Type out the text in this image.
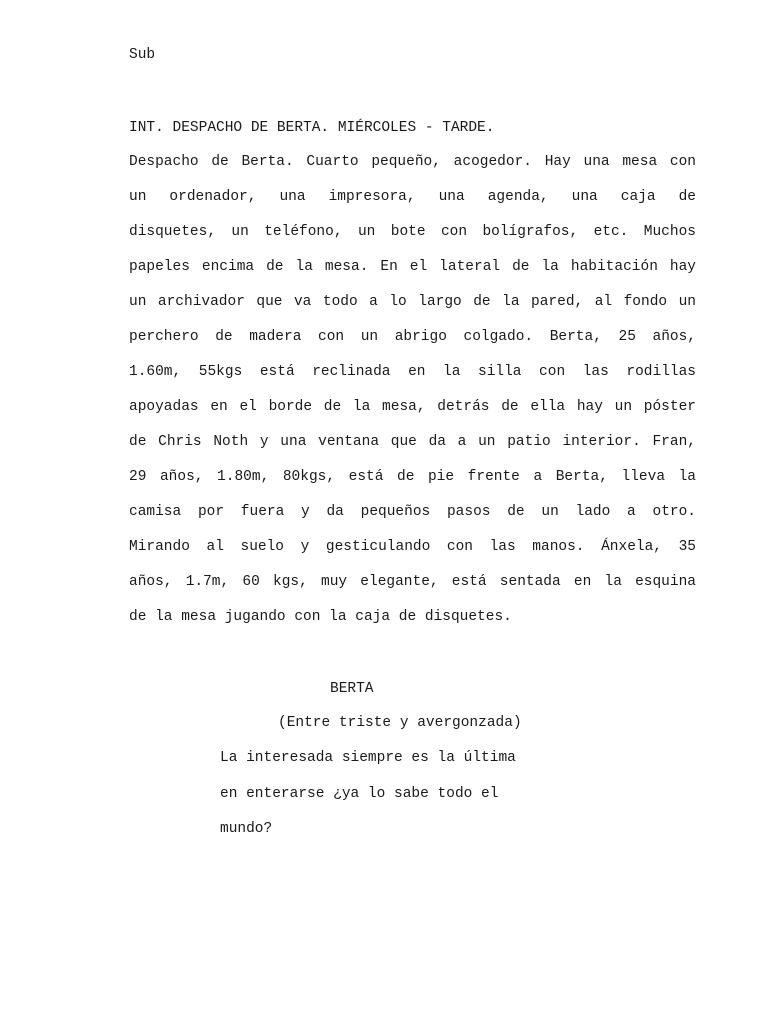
Sub
INT. DESPACHO DE BERTA. MIÉRCOLES - TARDE.
Despacho de Berta. Cuarto pequeño, acogedor. Hay una mesa con
un ordenador, una impresora, una agenda, una caja de
disquetes, un teléfono, un bote con bolígrafos, etc. Muchos
papeles encima de la mesa. En el lateral de la habitación hay
un archivador que va todo a lo largo de la pared, al fondo un
perchero de madera con un abrigo colgado. Berta, 25 años,
1.60m, 55kgs está reclinada en la silla con las rodillas
apoyadas en el borde de la mesa, detrás de ella hay un póster
de Chris Noth y una ventana que da a un patio interior. Fran,
29 años, 1.80m, 80kgs, está de pie frente a Berta, lleva la
camisa por fuera y da pequeños pasos de un lado a otro.
Mirando al suelo y gesticulando con las manos. Ánxela, 35
años, 1.7m, 60 kgs, muy elegante, está sentada en la esquina
de la mesa jugando con la caja de disquetes.
BERTA
(Entre triste y avergonzada)
La interesada siempre es la última
en enterarse ¿ya lo sabe todo el
mundo?
